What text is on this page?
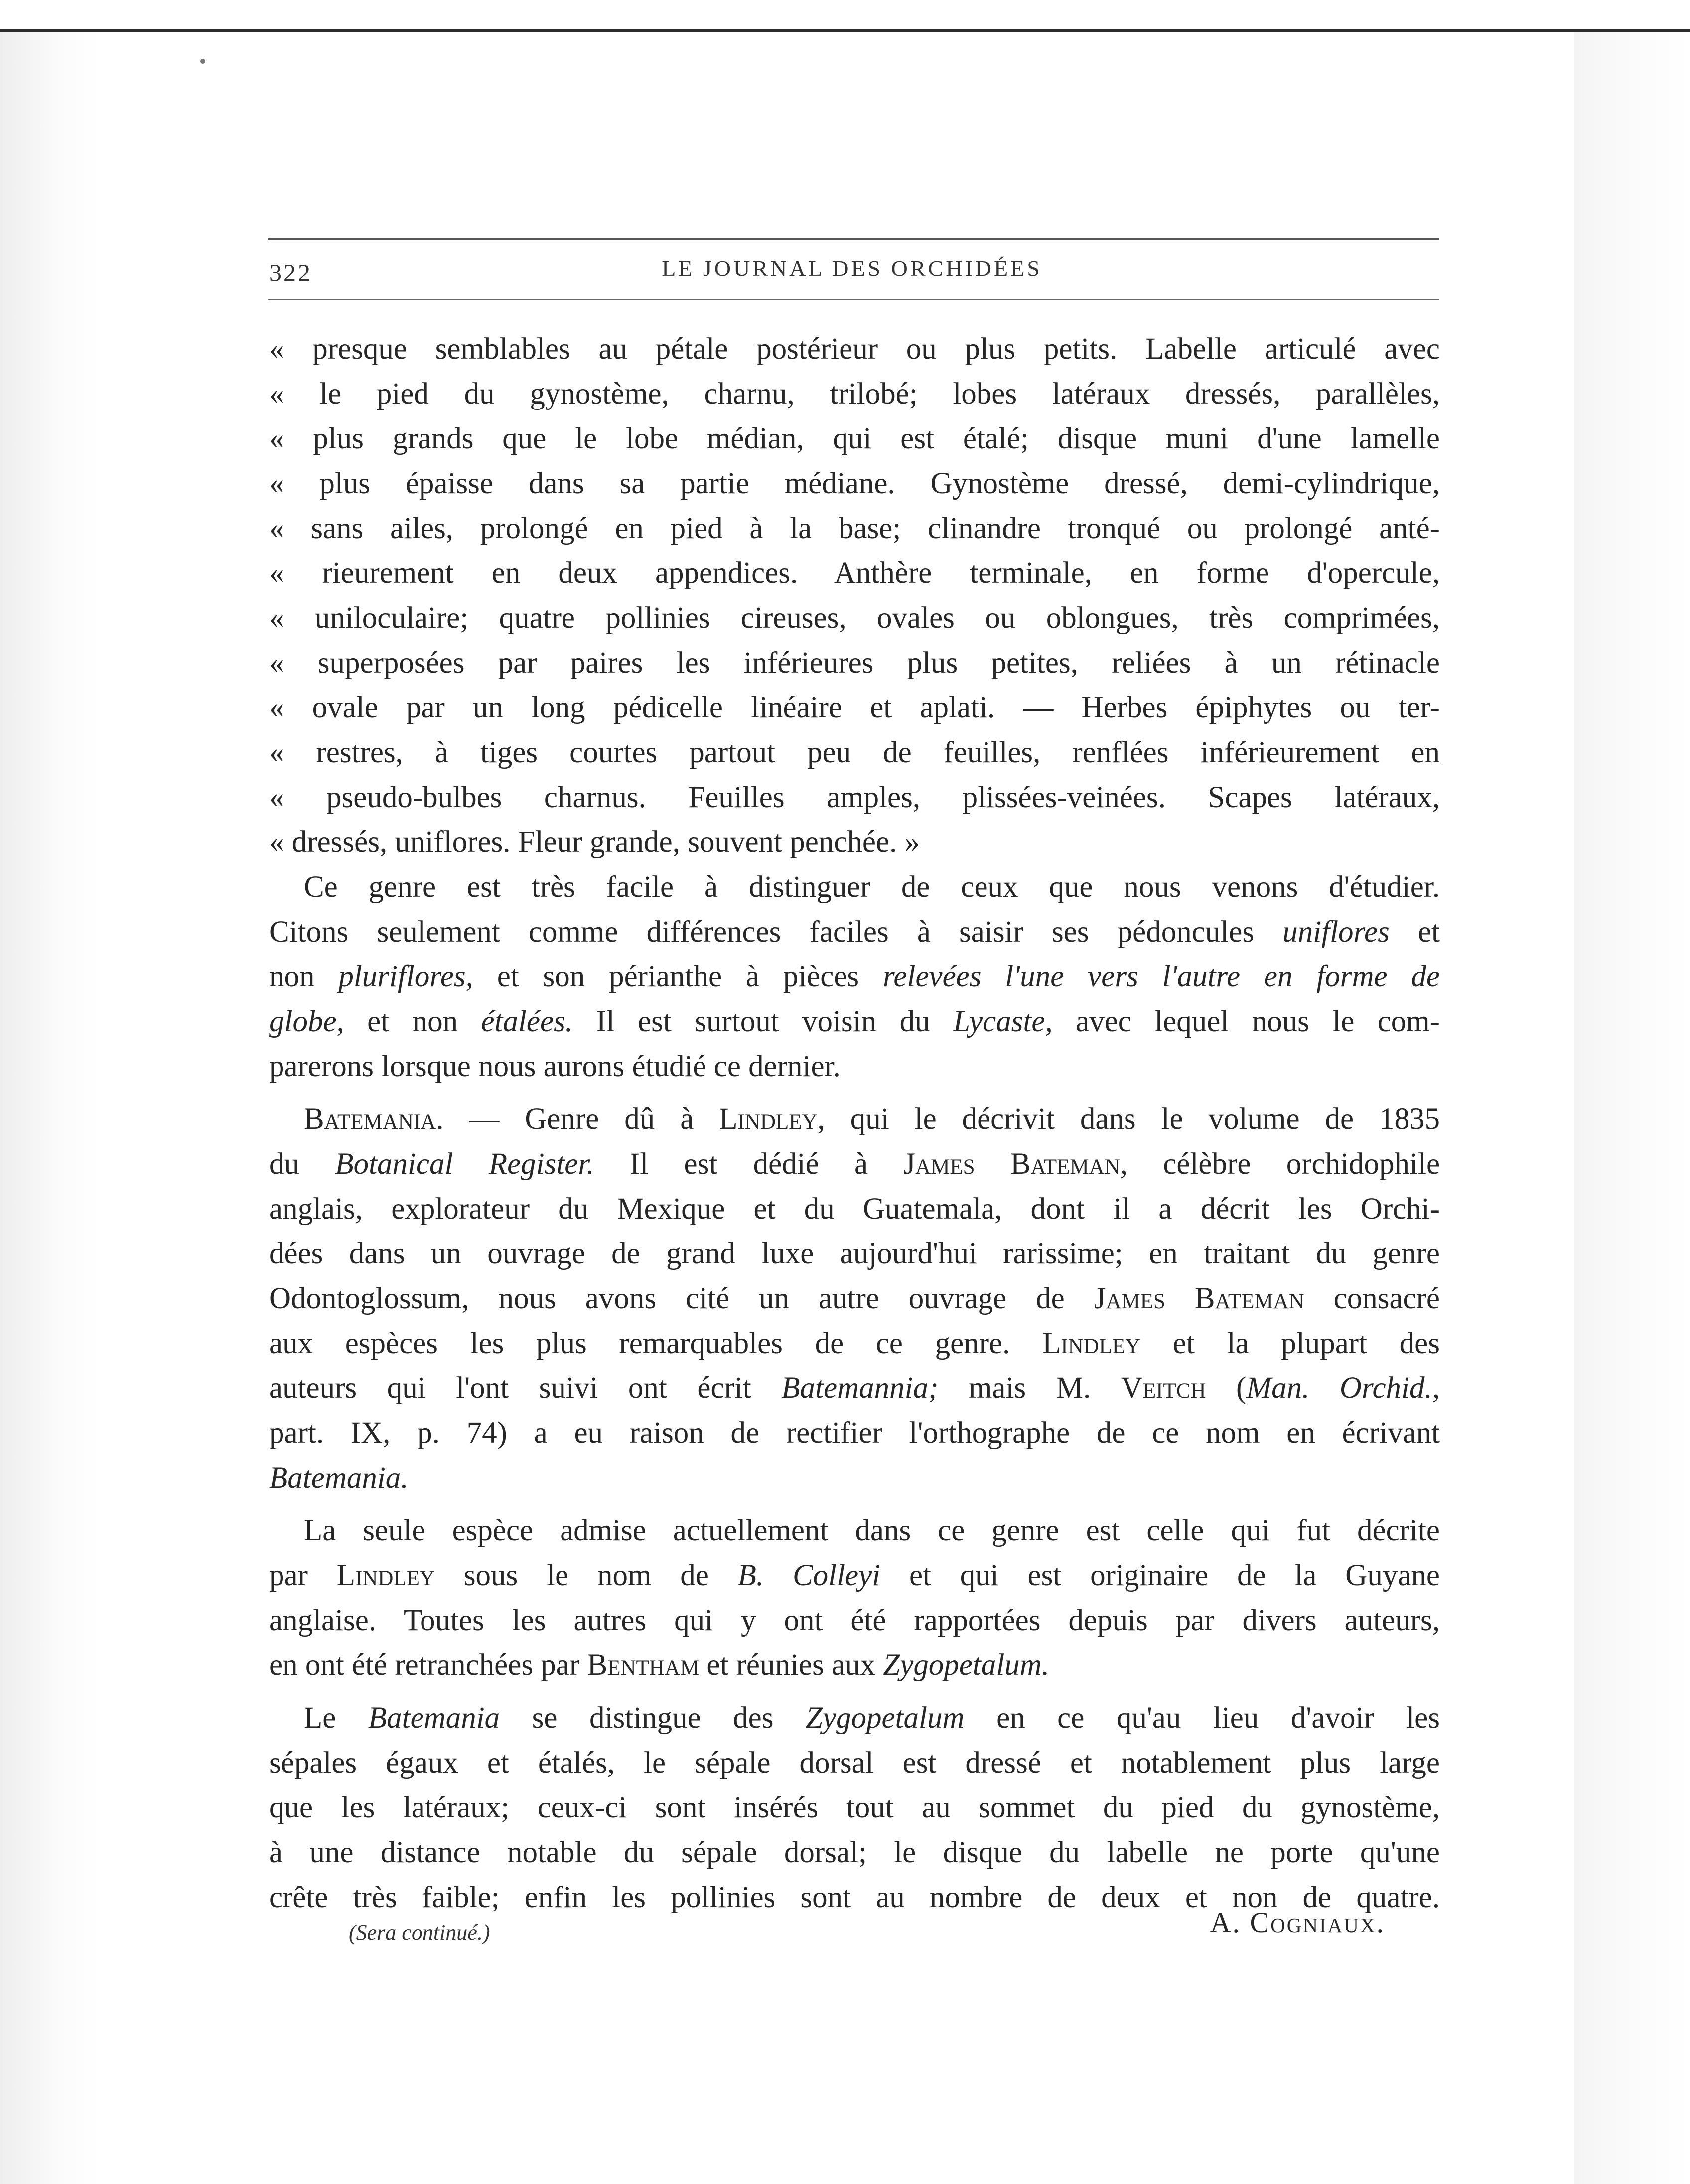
322	LE JOURNAL DES ORCHIDÉES
« presque semblables au pétale postérieur ou plus petits. Labelle articulé avec
« le pied du gynostème, charnu, trilobé; lobes latéraux dressés, parallèles,
« plus grands que le lobe médian, qui est étalé; disque muni d'une lamelle
« plus épaisse dans sa partie médiane. Gynostème dressé, demi-cylindrique,
« sans ailes, prolongé en pied à la base; clinandre tronqué ou prolongé anté-
« rieurement en deux appendices. Anthère terminale, en forme d'opercule,
« uniloculaire; quatre pollinies cireuses, ovales ou oblongues, très comprimées,
« superposées par paires les inférieures plus petites, reliées à un rétinacle
« ovale par un long pédicelle linéaire et aplati. — Herbes épiphytes ou ter-
« restres, à tiges courtes partout peu de feuilles, renflées inférieurement en
« pseudo-bulbes charnus. Feuilles amples, plissées-veinées. Scapes latéraux,
« dressés, uniflores. Fleur grande, souvent penchée. »
Ce genre est très facile à distinguer de ceux que nous venons d'étudier.
Citons seulement comme différences faciles à saisir ses pédoncules uniflores et
non pluriflores, et son périanthe à pièces relevées l'une vers l'autre en forme de
globe, et non étalées. Il est surtout voisin du Lycaste, avec lequel nous le com-
parerons lorsque nous aurons étudié ce dernier.
Batemania. — Genre dû à Lindley, qui le décrivit dans le volume de 1835
du Botanical Register. Il est dédié à James Bateman, célèbre orchidophile
anglais, explorateur du Mexique et du Guatemala, dont il a décrit les Orchi-
dées dans un ouvrage de grand luxe aujourd'hui rarissime; en traitant du genre
Odontoglossum, nous avons cité un autre ouvrage de James Bateman consacré
aux espèces les plus remarquables de ce genre. Lindley et la plupart des
auteurs qui l'ont suivi ont écrit Batemannia; mais M. Veitch (Man. Orchid.,
part. IX, p. 74) a eu raison de rectifier l'orthographe de ce nom en écrivant
Batemania.
La seule espèce admise actuellement dans ce genre est celle qui fut décrite
par Lindley sous le nom de B. Colleyi et qui est originaire de la Guyane
anglaise. Toutes les autres qui y ont été rapportées depuis par divers auteurs,
en ont été retranchées par Bentham et réunies aux Zygopetalum.
Le Batemania se distingue des Zygopetalum en ce qu'au lieu d'avoir les
sépales égaux et étalés, le sépale dorsal est dressé et notablement plus large
que les latéraux; ceux-ci sont insérés tout au sommet du pied du gynostème,
à une distance notable du sépale dorsal; le disque du labelle ne porte qu'une
crête très faible; enfin les pollinies sont au nombre de deux et non de quatre.
(Sera continué.)	A. Cogniaux.
